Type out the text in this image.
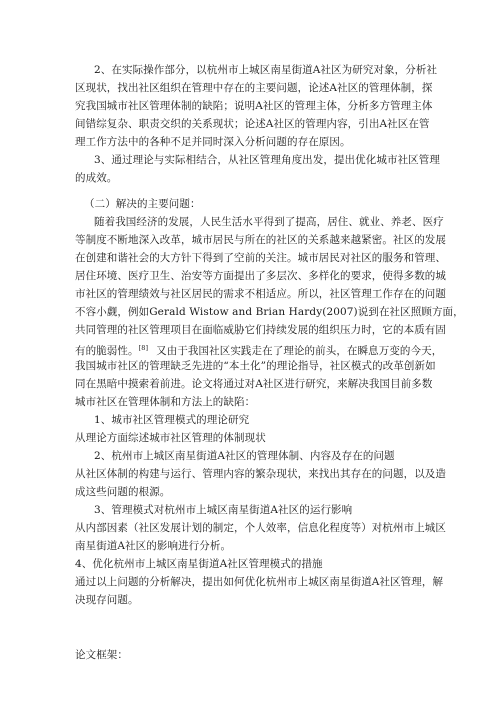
2、在实际操作部分，以杭州市上城区南星街道A社区为研究对象，分析社
区现状，找出社区组织在管理中存在的主要问题，论述A社区的管理体制，探
究我国城市社区管理体制的缺陷；说明A社区的管理主体，分析多方管理主体
间错综复杂、职责交织的关系现状；论述A社区的管理内容，引出A社区在管
理工作方法中的各种不足并同时深入分析问题的存在原因。
3、通过理论与实际相结合，从社区管理角度出发，提出优化城市社区管理
的成效。
（二）解决的主要问题：
随着我国经济的发展，人民生活水平得到了提高，居住、就业、养老、医疗
等制度不断地深入改革，城市居民与所在的社区的关系越来越紧密。社区的发展
在创建和谐社会的大方针下得到了空前的关注。城市居民对社区的服务和管理、
居住环境、医疗卫生、治安等方面提出了多层次、多样化的要求，使得多数的城
市社区的管理绩效与社区居民的需求不相适应。所以，社区管理工作存在的问题
不容小觑，例如Gerald Wistow and Brian Hardy(2007)说到在社区照顾方面，
共同管理的社区管理项目在面临威胁它们持续发展的组织压力时，它的本质有固
有的脆弱性。[8] 又由于我国社区实践走在了理论的前头，在瞬息万变的今天，
我国城市社区的管理缺乏先进的“本土化”的理论指导，社区模式的改革创新如
同在黑暗中摸索着前进。论文将通过对A社区进行研究，来解决我国目前多数
城市社区在管理体制和方法上的缺陷：
1、城市社区管理模式的理论研究
从理论方面综述城市社区管理的体制现状
2、杭州市上城区南星街道A社区的管理体制、内容及存在的问题
从社区体制的构建与运行、管理内容的繁杂现状，来找出其存在的问题，以及造
成这些问题的根源。
3、管理模式对杭州市上城区南星街道A社区的运行影响
从内部因素（社区发展计划的制定，个人效率，信息化程度等）对杭州市上城区
南星街道A社区的影响进行分析。
4、优化杭州市上城区南星街道A社区管理模式的措施
通过以上问题的分析解决，提出如何优化杭州市上城区南星街道A社区管理，解
决现存问题。
论文框架：
